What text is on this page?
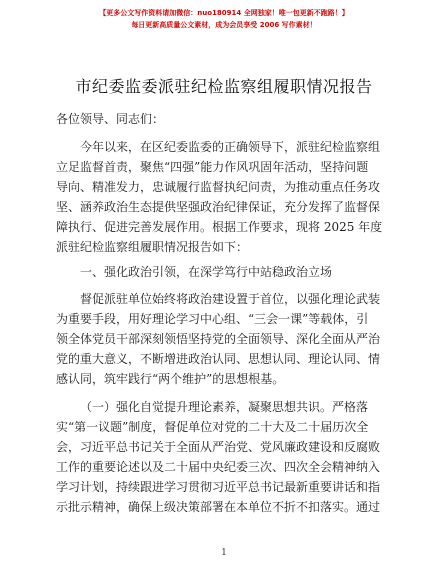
【更多公文写作资料请加微信：nuo180914 全网独家！唯一包更新不跑路！】
每日更新高质量公文素材，成为会员享受 2006 写作素材！
市纪委监委派驻纪检监察组履职情况报告
各位领导、同志们：
今年以来，在区纪委监委的正确领导下，派驻纪检监察组
立足监督首责，聚焦“四强”能力作风巩固年活动，坚持问题
导向、精准发力，忠诚履行监督执纪问责，为推动重点任务攻
坚、涵养政治生态提供坚强政治纪律保证，充分发挥了监督保
障执行、促进完善发展作用。根据工作要求，现将 2025 年度
派驻纪检监察组履职情况报告如下：
一、强化政治引领，在深学笃行中站稳政治立场
督促派驻单位始终将政治建设置于首位，以强化理论武装
为重要手段，用好理论学习中心组、“三会一课”等载体，引
领全体党员干部深刻领悟坚持党的全面领导、深化全面从严治
党的重大意义，不断增进政治认同、思想认同、理论认同、情
感认同，筑牢践行“两个维护”的思想根基。
（一）强化自觉提升理论素养，凝聚思想共识。严格落
实“第一议题”制度，督促单位对党的二十大及二十届历次全
会，习近平总书记关于全面从严治党、党风廉政建设和反腐败
工作的重要论述以及二十届中央纪委三次、四次全会精神纳入
学习计划，持续跟进学习贯彻习近平总书记最新重要讲话和指
示批示精神，确保上级决策部署在本单位不折不扣落实。通过
1
